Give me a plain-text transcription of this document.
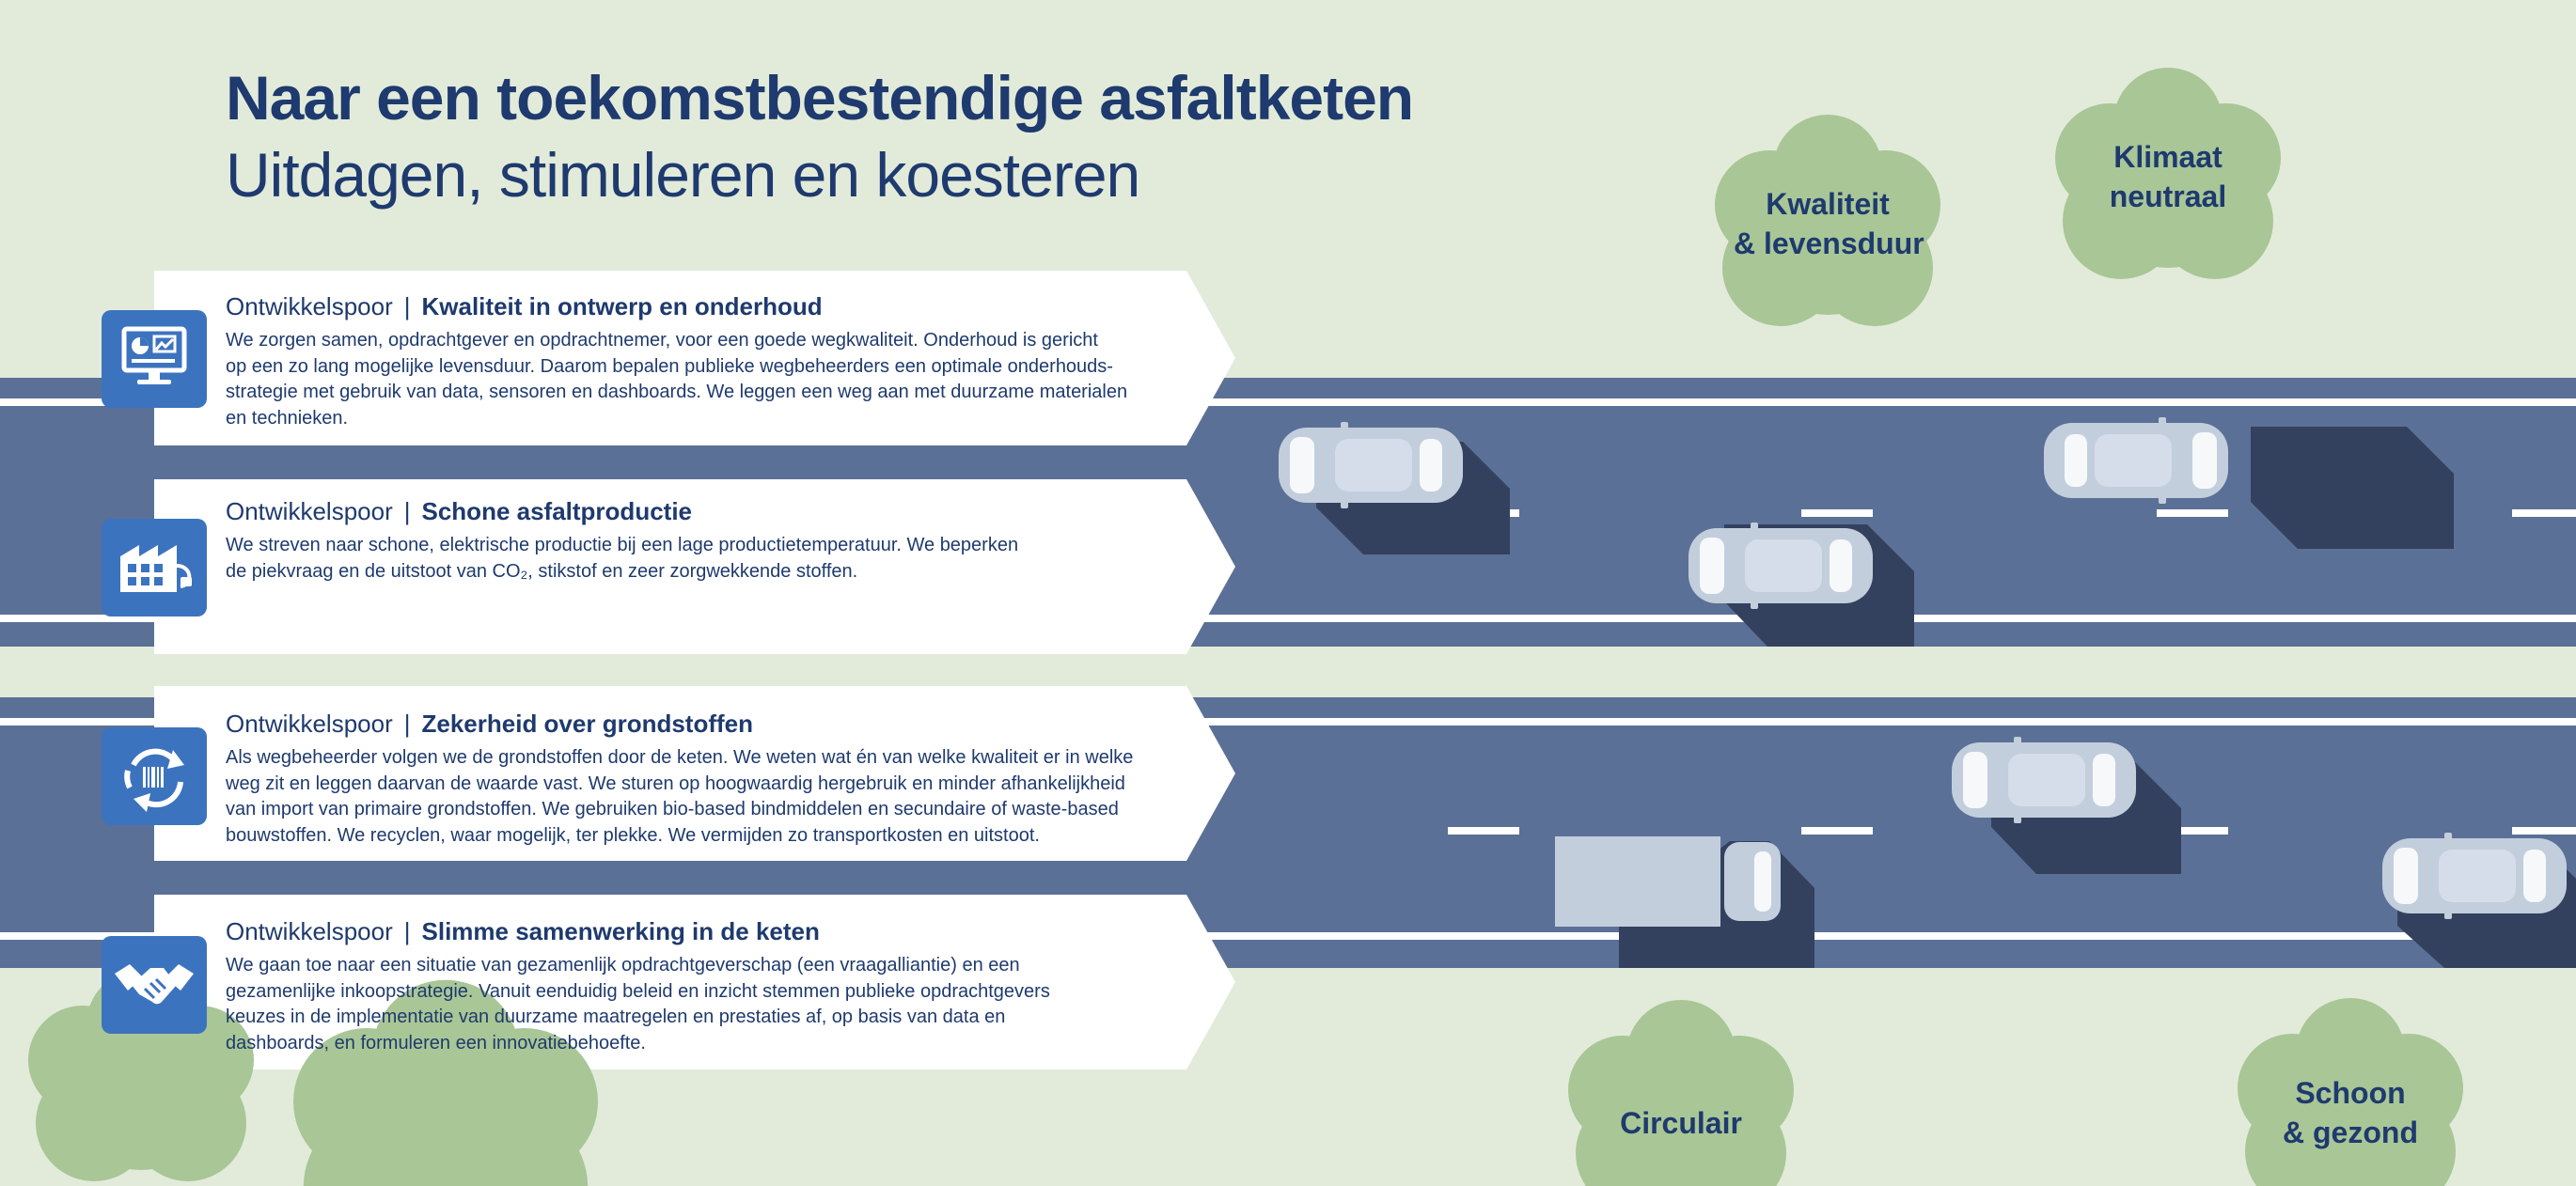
Naar een toekomstbestendige asfaltketen
Uitdagen, stimuleren en koesteren	Kwaliteit
& levensduur
Klimaat
neutraal
Circulair
Schoon
& gezond
Ontwikkelspoor | Kwaliteit in ontwerp en onderhoud

We zorgen samen, opdrachtgever en opdrachtnemer, voor een goede wegkwaliteit. Onderhoud is gericht

op een zo lang mogelijke levensduur. Daarom bepalen publieke wegbeheerders een optimale onderhouds-

strategie met gebruik van data, sensoren en dashboards. We leggen een weg aan met duurzame materialen

en technieken.

Ontwikkelspoor | Schone asfaltproductie

We streven naar schone, elektrische productie bij een lage productietemperatuur. We beperken

de piekvraag en de uitstoot van CO₂, stikstof en zeer zorgwekkende stoffen.

Ontwikkelspoor | Zekerheid over grondstoffen

Als wegbeheerder volgen we de grondstoffen door de keten. We weten wat én van welke kwaliteit er in welke

weg zit en leggen daarvan de waarde vast. We sturen op hoogwaardig hergebruik en minder afhankelijkheid

van import van primaire grondstoffen. We gebruiken bio-based bindmiddelen en secundaire of waste-based

bouwstoffen. We recyclen, waar mogelijk, ter plekke. We vermijden zo transportkosten en uitstoot.

Ontwikkelspoor | Slimme samenwerking in de keten

We gaan toe naar een situatie van gezamenlijk opdrachtgeverschap (een vraagalliantie) en een

gezamenlijke inkoopstrategie. Vanuit eenduidig beleid en inzicht stemmen publieke opdrachtgevers

keuzes in de implementatie van duurzame maatregelen en prestaties af, op basis van data en

dashboards, en formuleren een innovatiebehoefte.
